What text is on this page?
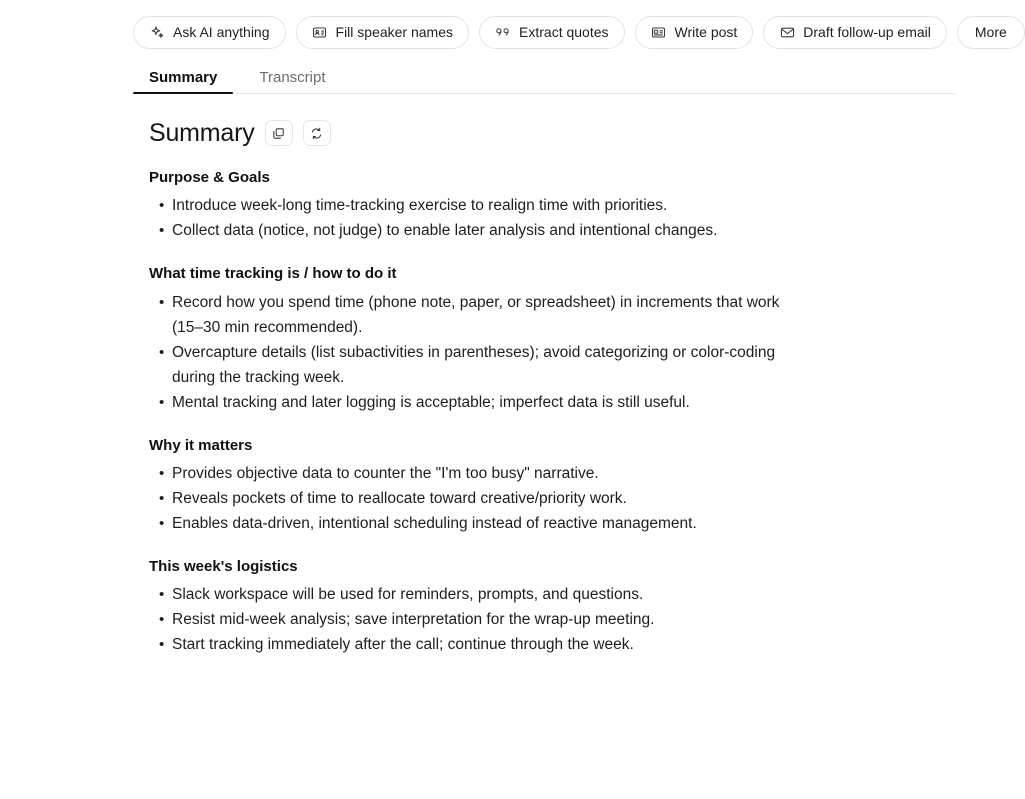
Ask AI anything	Fill speaker names	Extract quotes	Write post	Draft follow-up email	More
Summary	Transcript
Summary
Purpose & Goals
• Introduce week-long time-tracking exercise to realign time with priorities.
• Collect data (notice, not judge) to enable later analysis and intentional changes.
What time tracking is / how to do it
• Record how you spend time (phone note, paper, or spreadsheet) in increments that work (15–30 min recommended).
• Overcapture details (list subactivities in parentheses); avoid categorizing or color-coding during the tracking week.
• Mental tracking and later logging is acceptable; imperfect data is still useful.
Why it matters
• Provides objective data to counter the "I'm too busy" narrative.
• Reveals pockets of time to reallocate toward creative/priority work.
• Enables data-driven, intentional scheduling instead of reactive management.
This week's logistics
• Slack workspace will be used for reminders, prompts, and questions.
• Resist mid-week analysis; save interpretation for the wrap-up meeting.
• Start tracking immediately after the call; continue through the week.
